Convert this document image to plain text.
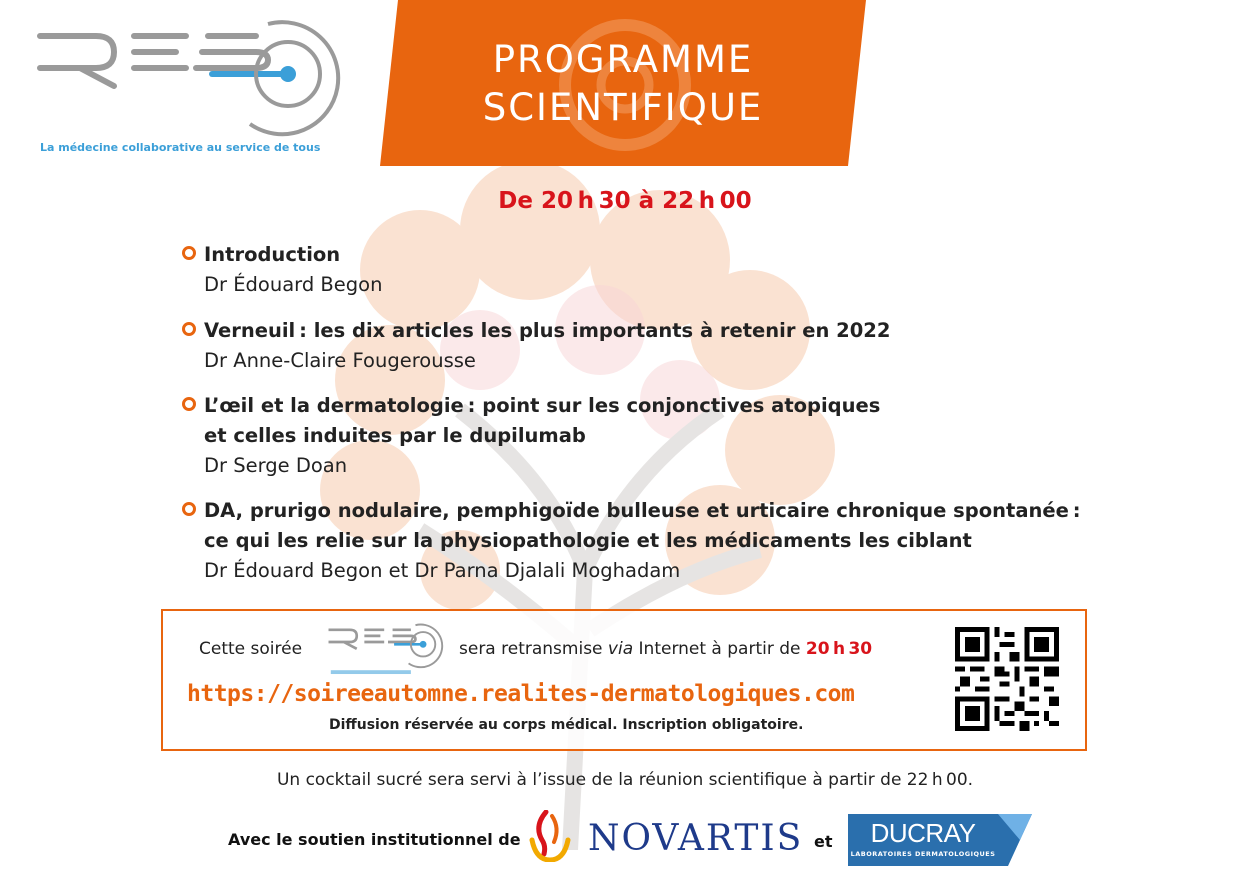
La médecine collaborative au service de tous
PROGRAMME
SCIENTIFIQUE
De 20 h 30 à 22 h 00
Introduction
Dr Édouard Begon
Verneuil : les dix articles les plus importants à retenir en 2022
Dr Anne-Claire Fougerousse
L’œil et la dermatologie : point sur les conjonctives atopiques
et celles induites par le dupilumab
Dr Serge Doan
DA, prurigo nodulaire, pemphigoïde bulleuse et urticaire chronique spontanée :
ce qui les relie sur la physiopathologie et les médicaments les ciblant
Dr Édouard Begon et Dr Parna Djalali Moghadam
Cette soirée	sera retransmise via Internet à partir de 20 h 30
https://soireeautomne.realites-dermatologiques.com
Diffusion réservée au corps médical. Inscription obligatoire.
Un cocktail sucré sera servi à l’issue de la réunion scientifique à partir de 22 h 00.
Avec le soutien institutionnel de NOVARTIS et	DUCRAY
LABORATOIRES DERMATOLOGIQUES
